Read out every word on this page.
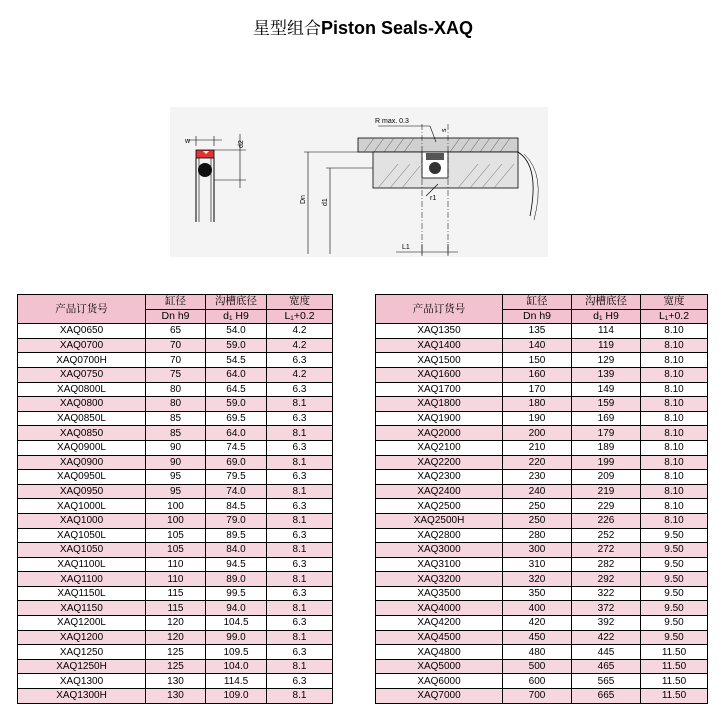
星型组合Piston Seals-XAQ
w	d2
Dn d1
R max. 0.3
s
r1
L1
产品订货号	缸径	沟槽底径	宽度
	Dn h9	d₁ H9	L₁+0.2
XAQ0650	65	54.0	4.2
XAQ0700	70	59.0	4.2
XAQ0700H	70	54.5	6.3
XAQ0750	75	64.0	4.2
XAQ0800L	80	64.5	6.3
XAQ0800	80	59.0	8.1
XAQ0850L	85	69.5	6.3
XAQ0850	85	64.0	8.1
XAQ0900L	90	74.5	6.3
XAQ0900	90	69.0	8.1
XAQ0950L	95	79.5	6.3
XAQ0950	95	74.0	8.1
XAQ1000L	100	84.5	6.3
XAQ1000	100	79.0	8.1
XAQ1050L	105	89.5	6.3
XAQ1050	105	84.0	8.1
XAQ1100L	110	94.5	6.3
XAQ1100	110	89.0	8.1
XAQ1150L	115	99.5	6.3
XAQ1150	115	94.0	8.1
XAQ1200L	120	104.5	6.3
XAQ1200	120	99.0	8.1
XAQ1250	125	109.5	6.3
XAQ1250H	125	104.0	8.1
XAQ1300	130	114.5	6.3
XAQ1300H	130	109.0	8.1
产品订货号	缸径	沟槽底径	宽度
	Dn h9	d₁ H9	L₁+0.2
XAQ1350	135	114	8.10
XAQ1400	140	119	8.10
XAQ1500	150	129	8.10
XAQ1600	160	139	8.10
XAQ1700	170	149	8.10
XAQ1800	180	159	8.10
XAQ1900	190	169	8.10
XAQ2000	200	179	8.10
XAQ2100	210	189	8.10
XAQ2200	220	199	8.10
XAQ2300	230	209	8.10
XAQ2400	240	219	8.10
XAQ2500	250	229	8.10
XAQ2500H	250	226	8.10
XAQ2800	280	252	9.50
XAQ3000	300	272	9.50
XAQ3100	310	282	9.50
XAQ3200	320	292	9.50
XAQ3500	350	322	9.50
XAQ4000	400	372	9.50
XAQ4200	420	392	9.50
XAQ4500	450	422	9.50
XAQ4800	480	445	11.50
XAQ5000	500	465	11.50
XAQ6000	600	565	11.50
XAQ7000	700	665	11.50
